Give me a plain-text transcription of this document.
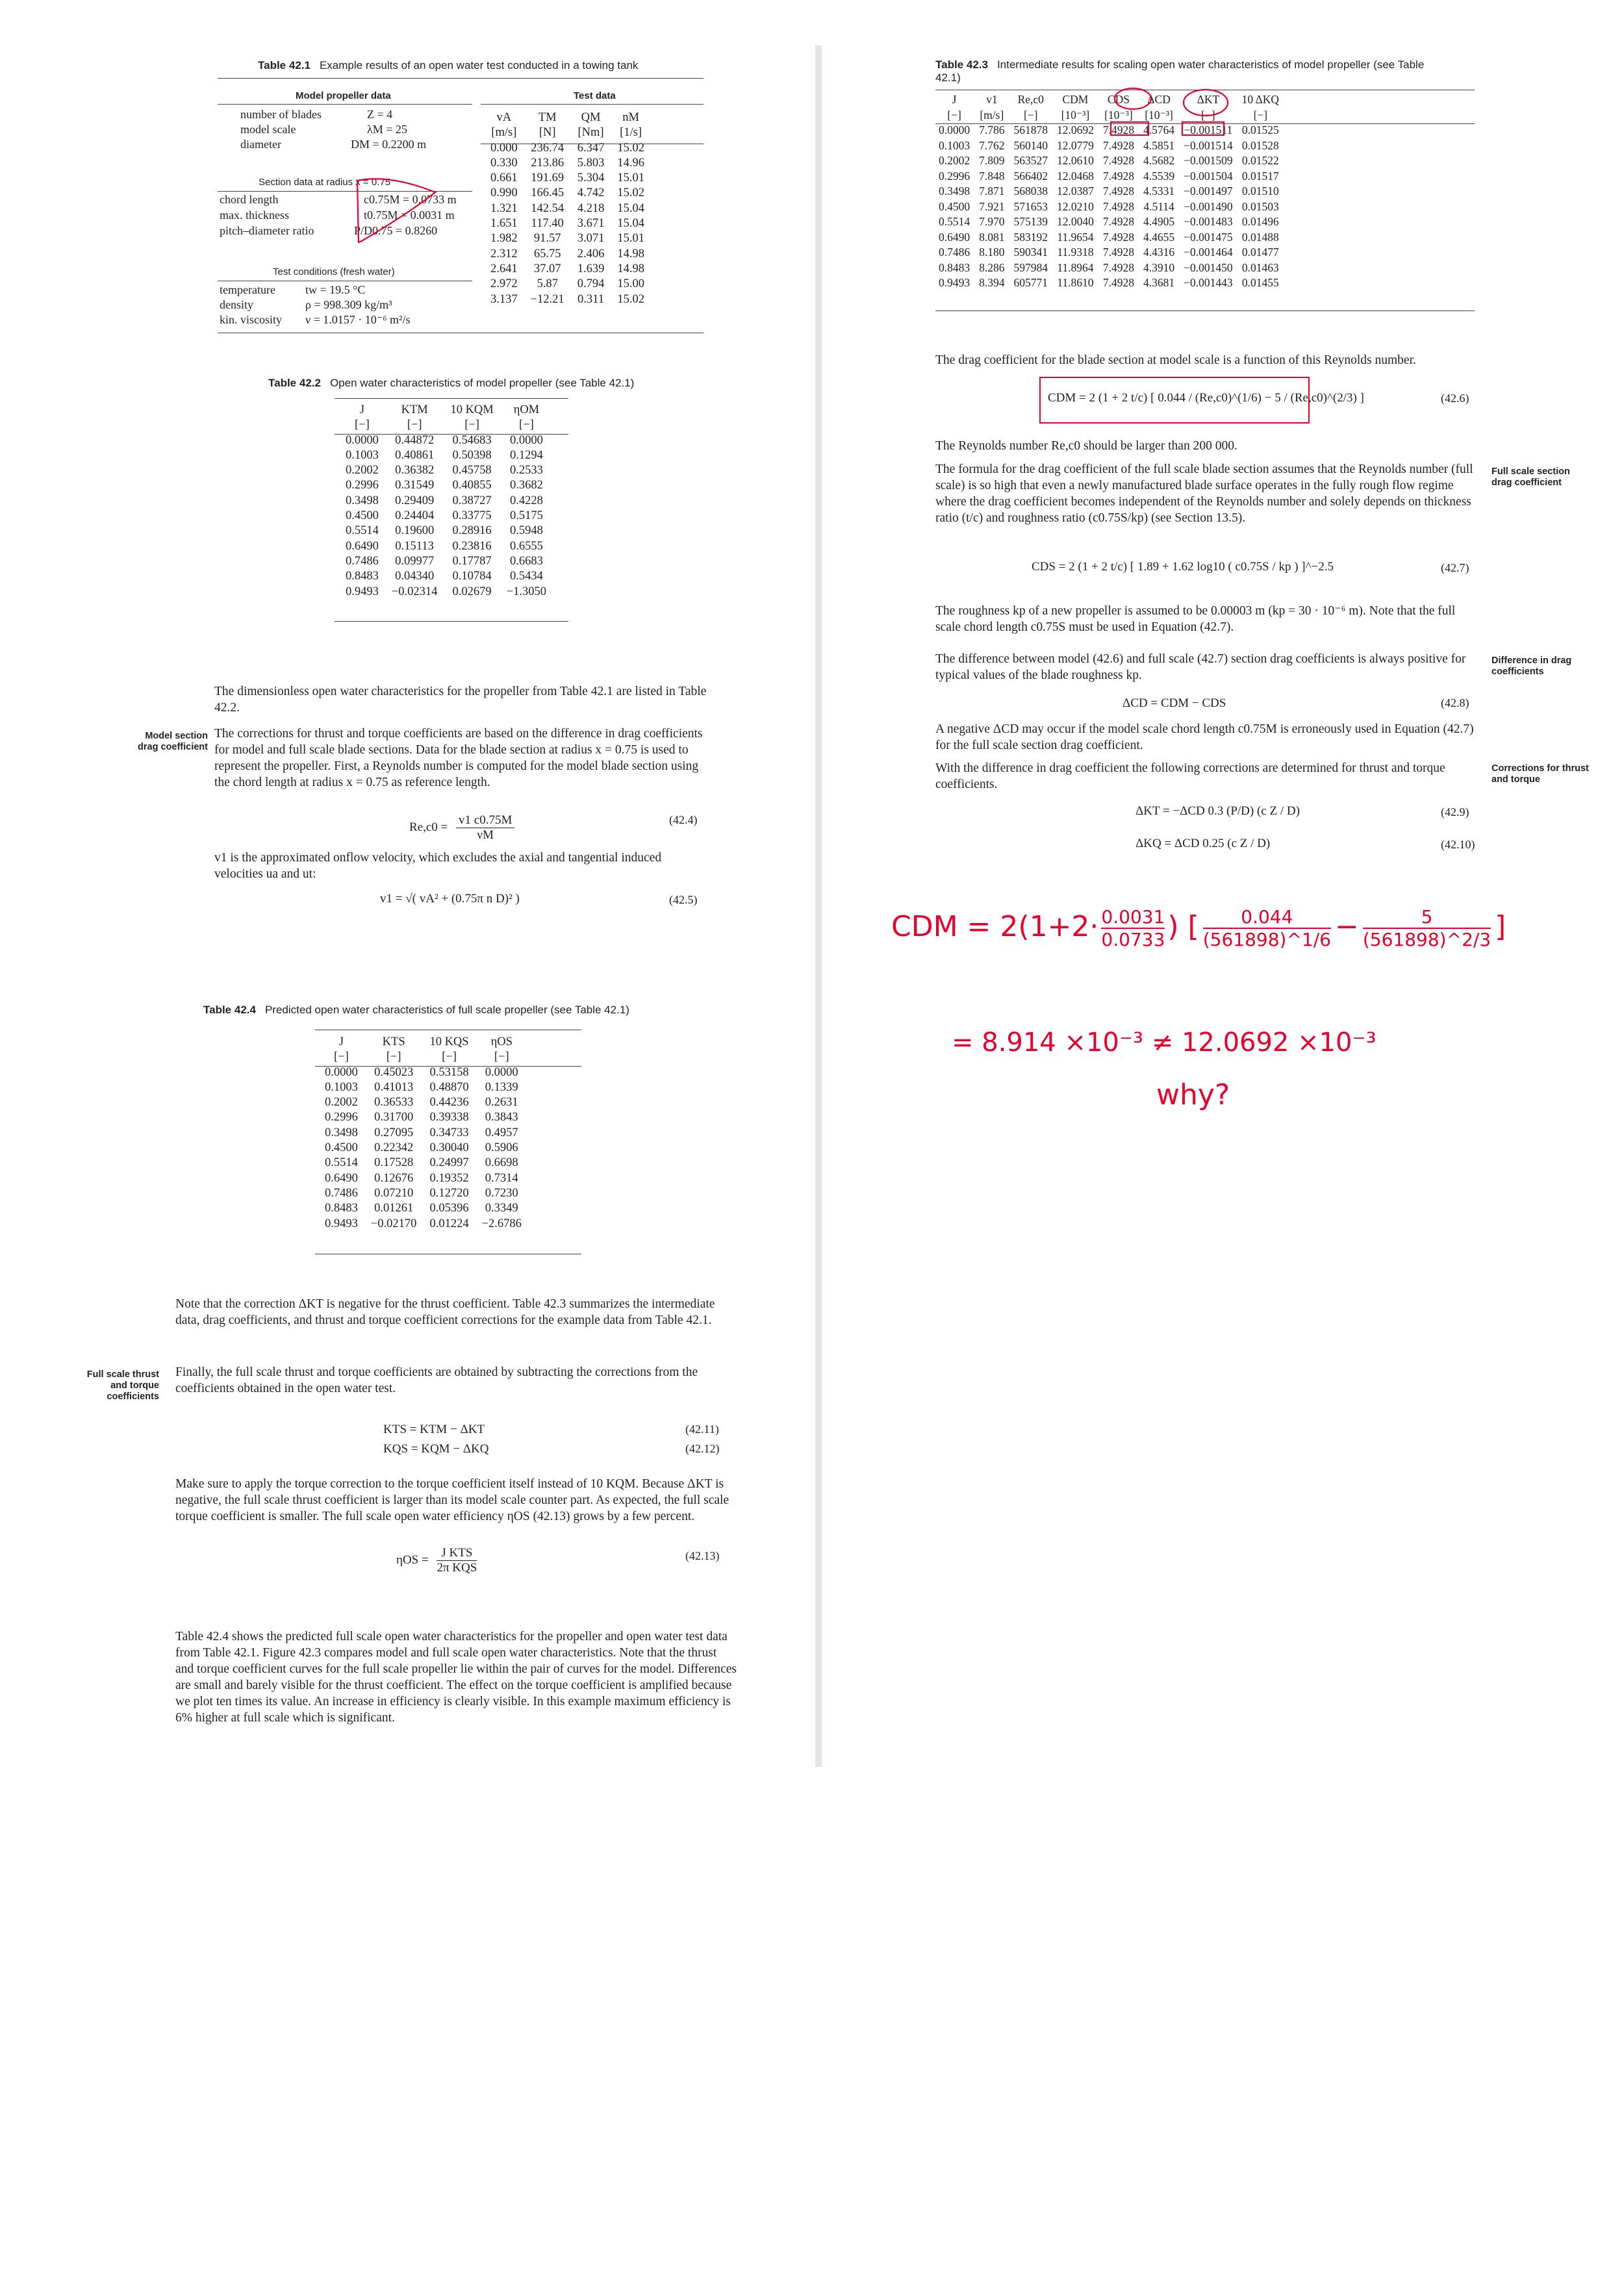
Table 42.1 Example results of an open water test conducted in a towing tank
Model propeller data	Test data
number of blades	Z = 4
model scale	λM = 25
diameter	DM = 0.2200 m
Section data at radius x = 0.75
chord length	c0.75M = 0.0733 m
max. thickness	t0.75M = 0.0031 m
pitch–diameter ratio	P/D0.75 = 0.8260
Test conditions (fresh water)
temperature	tw = 19.5 °C
density	ρ = 998.309 kg/m³
kin. viscosity ν = 1.0157 · 10⁻⁶ m²/s
vA	TM	QM	nM
[m/s]	[N]	[Nm]	[1/s]
0.000	236.74	6.347	15.02
0.330	213.86	5.803	14.96
0.661	191.69	5.304	15.01
0.990	166.45	4.742	15.02
1.321	142.54	4.218	15.04
1.651	117.40	3.671	15.04
1.982	91.57	3.071	15.01
2.312	65.75	2.406	14.98
2.641	37.07	1.639	14.98
2.972	5.87	0.794	15.00
3.137	−12.21	0.311	15.02
Table 42.2 Open water characteristics of model propeller (see Table 42.1)
J	KTM	10 KQM	ηOM
[−]	[−]	[−]	[−]
0.0000	0.44872	0.54683	0.0000
0.1003	0.40861	0.50398	0.1294
0.2002	0.36382	0.45758	0.2533
0.2996	0.31549	0.40855	0.3682
0.3498	0.29409	0.38727	0.4228
0.4500	0.24404	0.33775	0.5175
0.5514	0.19600	0.28916	0.5948
0.6490	0.15113	0.23816	0.6555
0.7486	0.09977	0.17787	0.6683
0.8483	0.04340	0.10784	0.5434
0.9493	−0.02314	0.02679	−1.3050
The dimensionless open water characteristics for the propeller from Table 42.1 are listed in Table 42.2.
Model section drag coefficient
The corrections for thrust and torque coefficients are based on the difference in drag coefficients for model and full scale blade sections. Data for the blade section at radius x = 0.75 is used to represent the propeller. First, a Reynolds number is computed for the model blade section using the chord length at radius x = 0.75 as reference length.
$Re,c0 = \frac{v1 c0.75M}{\nu M}$	(42.4)
v1 is the approximated onflow velocity, which excludes the axial and tangential induced velocities ua and ut:
v1 = √( vA² + (0.75π n D)² )	(42.5)
Table 42.4 Predicted open water characteristics of full scale propeller (see Table 42.1)
J	KTS	10 KQS	ηOS
[−]	[−]	[−]	[−]
0.0000	0.45023	0.53158	0.0000
0.1003	0.41013	0.48870	0.1339
0.2002	0.36533	0.44236	0.2631
0.2996	0.31700	0.39338	0.3843
0.3498	0.27095	0.34733	0.4957
0.4500	0.22342	0.30040	0.5906
0.5514	0.17528	0.24997	0.6698
0.6490	0.12676	0.19352	0.7314
0.7486	0.07210	0.12720	0.7230
0.8483	0.01261	0.05396	0.3349
0.9493	−0.02170	0.01224	−2.6786
Note that the correction ΔKT is negative for the thrust coefficient. Table 42.3 summarizes the intermediate data, drag coefficients, and thrust and torque coefficient corrections for the example data from Table 42.1.
Full scale thrust and torque coefficients
Finally, the full scale thrust and torque coefficients are obtained by subtracting the corrections from the coefficients obtained in the open water test.
KTS = KTM − ΔKT	(42.11)
KQS = KQM − ΔKQ	(42.12)
Make sure to apply the torque correction to the torque coefficient itself instead of 10 KQM. Because ΔKT is negative, the full scale thrust coefficient is larger than its model scale counter part. As expected, the full scale torque coefficient is smaller. The full scale open water efficiency ηOS (42.13) grows by a few percent.
ηOS =
J KTS
2π KQS
(42.13)
Table 42.4 shows the predicted full scale open water characteristics for the propeller and open water test data from Table 42.1. Figure 42.3 compares model and full scale open water characteristics. Note that the thrust and torque coefficient curves for the full scale propeller lie within the pair of curves for the model. Differences are small and barely visible for the thrust coefficient. The effect on the torque coefficient is amplified because we plot ten times its value. An increase in efficiency is clearly visible. In this example maximum efficiency is 6% higher at full scale which is significant.
Table 42.3 Intermediate results for scaling open water characteristics of model propeller (see Table 42.1)
J	v1	Re,c0	CDM	CDS	ΔCD	ΔKT	10 ΔKQ
[−]	[m/s]	[−]	[10⁻³]	[10⁻³]	[10⁻³]	[−]	[−]
0.0000	7.786	561878	12.0692	7.4928	4.5764	−0.001511	0.01525
0.1003	7.762	560140	12.0779	7.4928	4.5851	−0.001514	0.01528
0.2002	7.809	563527	12.0610	7.4928	4.5682	−0.001509	0.01522
0.2996	7.848	566402	12.0468	7.4928	4.5539	−0.001504	0.01517
0.3498	7.871	568038	12.0387	7.4928	4.5331	−0.001497	0.01510
0.4500	7.921	571653	12.0210	7.4928	4.5114	−0.001490	0.01503
0.5514	7.970	575139	12.0040	7.4928	4.4905	−0.001483	0.01496
0.6490	8.081	583192	11.9654	7.4928	4.4655	−0.001475	0.01488
0.7486	8.180	590341	11.9318	7.4928	4.4316	−0.001464	0.01477
0.8483	8.286	597984	11.8964	7.4928	4.3910	−0.001450	0.01463
0.9493	8.394	605771	11.8610	7.4928	4.3681	−0.001443	0.01455
The drag coefficient for the blade section at model scale is a function of this Reynolds number.
CDM = 2 (1 + 2 t/c) [ 0.044 / (Re,c0)^(1/6) − 5 / (Re,c0)^(2/3) ]	(42.6)
The Reynolds number Re,c0 should be larger than 200 000.
Full scale section drag coefficient
The formula for the drag coefficient of the full scale blade section assumes that the Reynolds number (full scale) is so high that even a newly manufactured blade surface operates in the fully rough flow regime where the drag coefficient becomes independent of the Reynolds number and solely depends on thickness ratio (t/c) and roughness ratio (c0.75S/kp) (see Section 13.5).
CDS = 2 (1 + 2 t/c) [ 1.89 + 1.62 log10 ( c0.75S / kp ) ]^−2.5	(42.7)
The roughness kp of a new propeller is assumed to be 0.00003 m (kp = 30 · 10⁻⁶ m). Note that the full scale chord length c0.75S must be used in Equation (42.7).
Difference in drag coefficients
The difference between model (42.6) and full scale (42.7) section drag coefficients is always positive for typical values of the blade roughness kp.
ΔCD = CDM − CDS	(42.8)
A negative ΔCD may occur if the model scale chord length c0.75M is erroneously used in Equation (42.7) for the full scale section drag coefficient.
Corrections for thrust and torque
With the difference in drag coefficient the following corrections are determined for thrust and torque coefficients.
ΔKT = −ΔCD 0.3 (P/D) (c Z / D)	(42.9)
ΔKQ = ΔCD 0.25 (c Z / D)	(42.10)
CDM = $2(1+2\cdot \frac{0.0031}{0.0733}$ ) [ $\frac{0.044}{(561898)\^{}1/6} - \frac{5}{(561898)\^{}2/3}$ ]
= 8.914 ×10⁻³ ≠ 12.0692 ×10⁻³
why?
